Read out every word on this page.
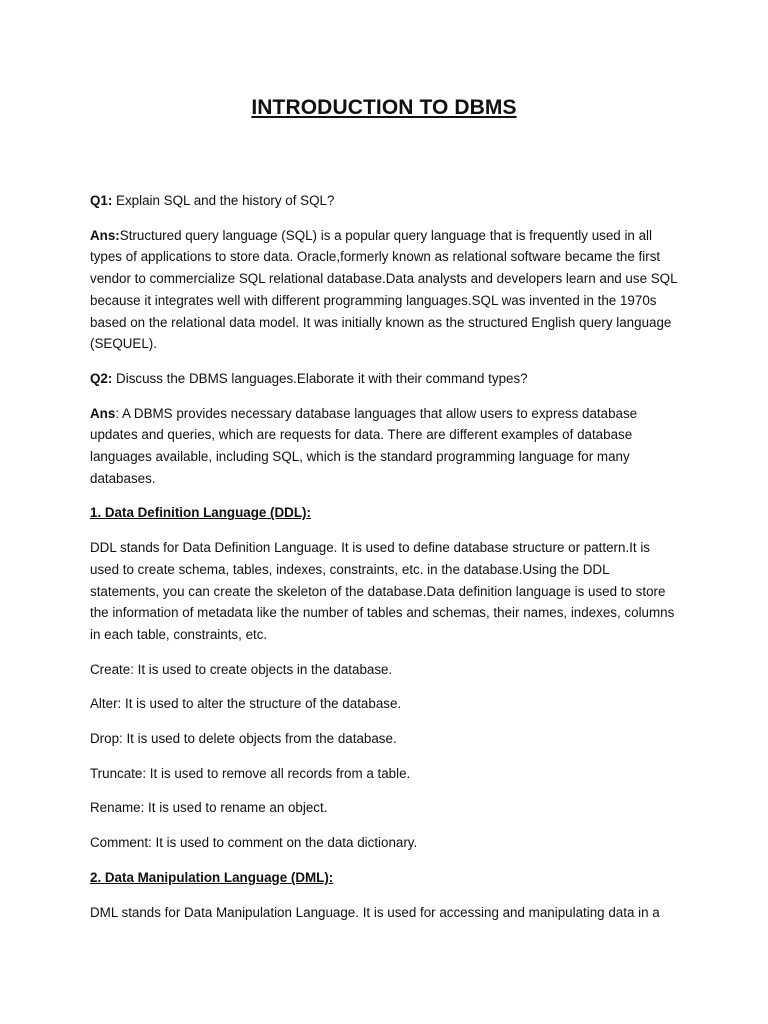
INTRODUCTION TO DBMS

Q1: Explain SQL and the history of SQL?

Ans:Structured query language (SQL) is a popular query language that is frequently used in all types of applications to store data. Oracle,formerly known as relational software became the first vendor to commercialize SQL relational database.Data analysts and developers learn and use SQL because it integrates well with different programming languages.SQL was invented in the 1970s based on the relational data model. It was initially known as the structured English query language (SEQUEL).

Q2: Discuss the DBMS languages.Elaborate it with their command types?

Ans: A DBMS provides necessary database languages that allow users to express database updates and queries, which are requests for data. There are different examples of database languages available, including SQL, which is the standard programming language for many databases.

1. Data Definition Language (DDL):

DDL stands for Data Definition Language. It is used to define database structure or pattern.It is used to create schema, tables, indexes, constraints, etc. in the database.Using the DDL statements, you can create the skeleton of the database.Data definition language is used to store the information of metadata like the number of tables and schemas, their names, indexes, columns in each table, constraints, etc.

Create: It is used to create objects in the database.

Alter: It is used to alter the structure of the database.

Drop: It is used to delete objects from the database.

Truncate: It is used to remove all records from a table.

Rename: It is used to rename an object.

Comment: It is used to comment on the data dictionary.

2. Data Manipulation Language (DML):

DML stands for Data Manipulation Language. It is used for accessing and manipulating data in a
